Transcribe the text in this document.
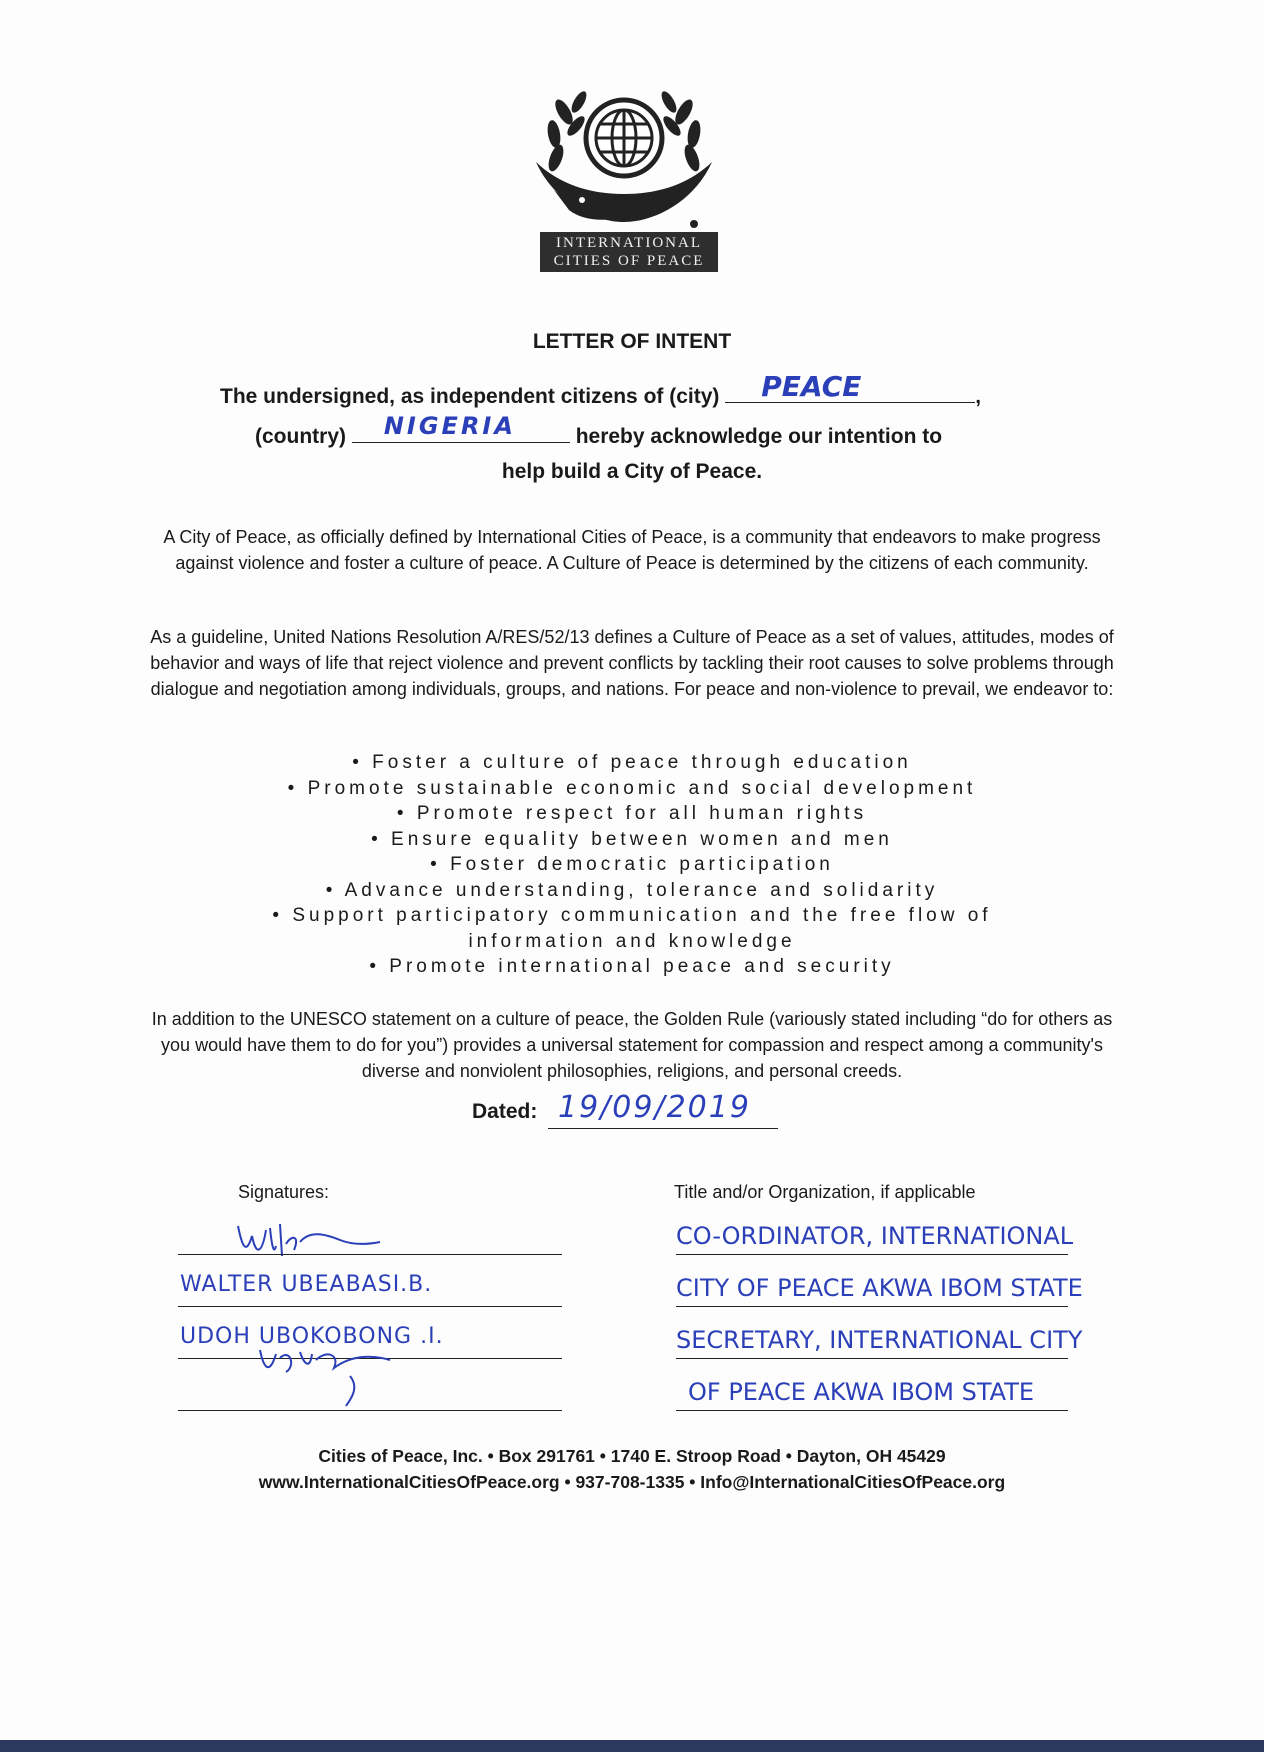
INTERNATIONAL
CITIES OF PEACE
LETTER OF INTENT
The undersigned, as independent citizens of (city) PEACE	,
(country) NIGERIA	hereby acknowledge our intention to
help build a City of Peace.
A City of Peace, as officially defined by International Cities of Peace, is a community that endeavors to make progress against violence and foster a culture of peace. A Culture of Peace is determined by the citizens of each community.
As a guideline, United Nations Resolution A/RES/52/13 defines a Culture of Peace as a set of values, attitudes, modes of behavior and ways of life that reject violence and prevent conflicts by tackling their root causes to solve problems through dialogue and negotiation among individuals, groups, and nations. For peace and non-violence to prevail, we endeavor to:
• Foster a culture of peace through education
• Promote sustainable economic and social development
• Promote respect for all human rights
• Ensure equality between women and men
• Foster democratic participation
• Advance understanding, tolerance and solidarity
• Support participatory communication and the free flow of
information and knowledge
• Promote international peace and security
In addition to the UNESCO statement on a culture of peace, the Golden Rule (variously stated including “do for others as you would have them to do for you”) provides a universal statement for compassion and respect among a community's diverse and nonviolent philosophies, religions, and personal creeds.
Dated: 19/09/2019
Signatures:
WALTER UBEABASI.B.
UDOH UBOKOBONG .I.
Title and/or Organization, if applicable
CO-ORDINATOR, INTERNATIONAL
CITY OF PEACE AKWA IBOM STATE
SECRETARY, INTERNATIONAL CITY
OF PEACE AKWA IBOM STATE
Cities of Peace, Inc. • Box 291761 • 1740 E. Stroop Road • Dayton, OH 45429
www.InternationalCitiesOfPeace.org • 937-708-1335 • Info@InternationalCitiesOfPeace.org
